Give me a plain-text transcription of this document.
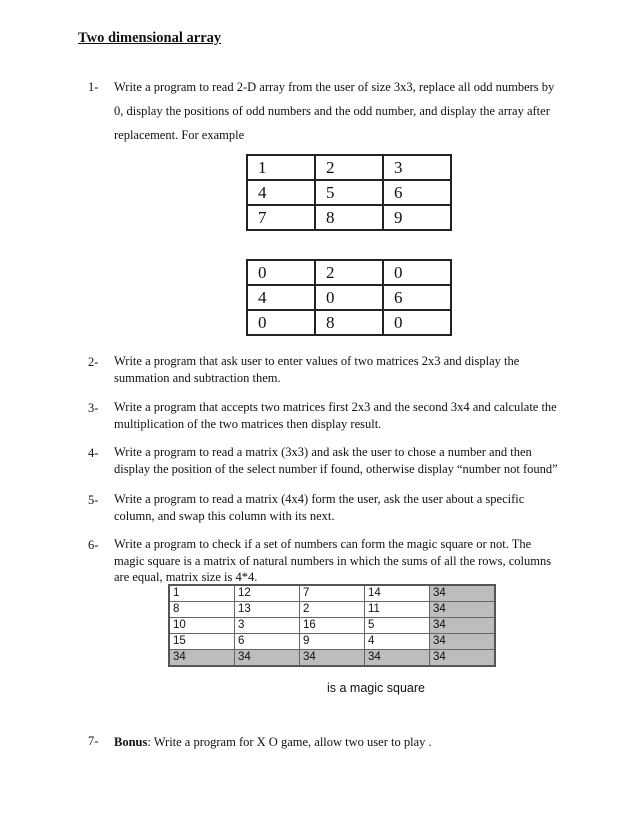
Two dimensional array
1- Write a program to read 2-D array from the user of size 3x3, replace all odd numbers by
0, display the positions of odd numbers and the odd number, and display the array after
replacement. For example
1	2	3
4	5	6
7	8	9
0	2	0
4	0	6
0	8	0
2- Write a program that ask user to enter values of two matrices 2x3 and display the
summation and subtraction them.
3- Write a program that accepts two matrices first 2x3 and the second 3x4 and calculate the
multiplication of the two matrices then display result.
4- Write a program to read a matrix (3x3) and ask the user to chose a number and then
display the position of the select number if found, otherwise display “number not found”
5- Write a program to read a matrix (4x4) form the user, ask the user about a specific
column, and swap this column with its next.
6- Write a program to check if a set of numbers can form the magic square or not. The
magic square is a matrix of natural numbers in which the sums of all the rows, columns
are equal, matrix size is 4*4.
1	12	7	14	34
8	13	2	11	34
10	3	16	5	34
15	6	9	4	34
34	34	34	34	34
is a magic square
7- Bonus: Write a program for X O game, allow two user to play .
